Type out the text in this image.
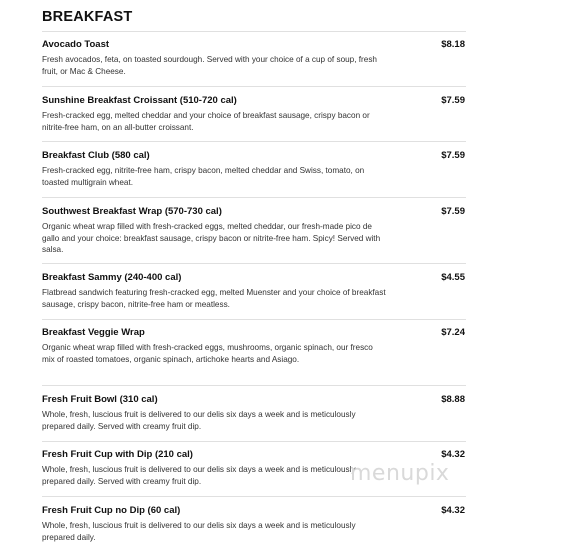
BREAKFAST
Avocado Toast	$8.18
Fresh avocados, feta, on toasted sourdough. Served with your choice of a cup of soup, fresh fruit, or Mac & Cheese.
Sunshine Breakfast Croissant (510-720 cal)	$7.59
Fresh-cracked egg, melted cheddar and your choice of breakfast sausage, crispy bacon or nitrite-free ham, on an all-butter croissant.
Breakfast Club (580 cal)	$7.59
Fresh-cracked egg, nitrite-free ham, crispy bacon, melted cheddar and Swiss, tomato, on toasted multigrain wheat.
Southwest Breakfast Wrap (570-730 cal)	$7.59
Organic wheat wrap filled with fresh-cracked eggs, melted cheddar, our fresh-made pico de gallo and your choice: breakfast sausage, crispy bacon or nitrite-free ham. Spicy! Served with salsa.
Breakfast Sammy (240-400 cal)	$4.55
Flatbread sandwich featuring fresh-cracked egg, melted Muenster and your choice of breakfast sausage, crispy bacon, nitrite-free ham or meatless.
Breakfast Veggie Wrap	$7.24
Organic wheat wrap filled with fresh-cracked eggs, mushrooms, organic spinach, our fresco mix of roasted tomatoes, organic spinach, artichoke hearts and Asiago.
Fresh Fruit Bowl (310 cal)	$8.88
Whole, fresh, luscious fruit is delivered to our delis six days a week and is meticulously prepared daily. Served with creamy fruit dip.
Fresh Fruit Cup with Dip (210 cal)	$4.32
Whole, fresh, luscious fruit is delivered to our delis six days a week and is meticulously prepared daily. Served with creamy fruit dip.
Fresh Fruit Cup no Dip (60 cal)	$4.32
Whole, fresh, luscious fruit is delivered to our delis six days a week and is meticulously prepared daily.
menupix
